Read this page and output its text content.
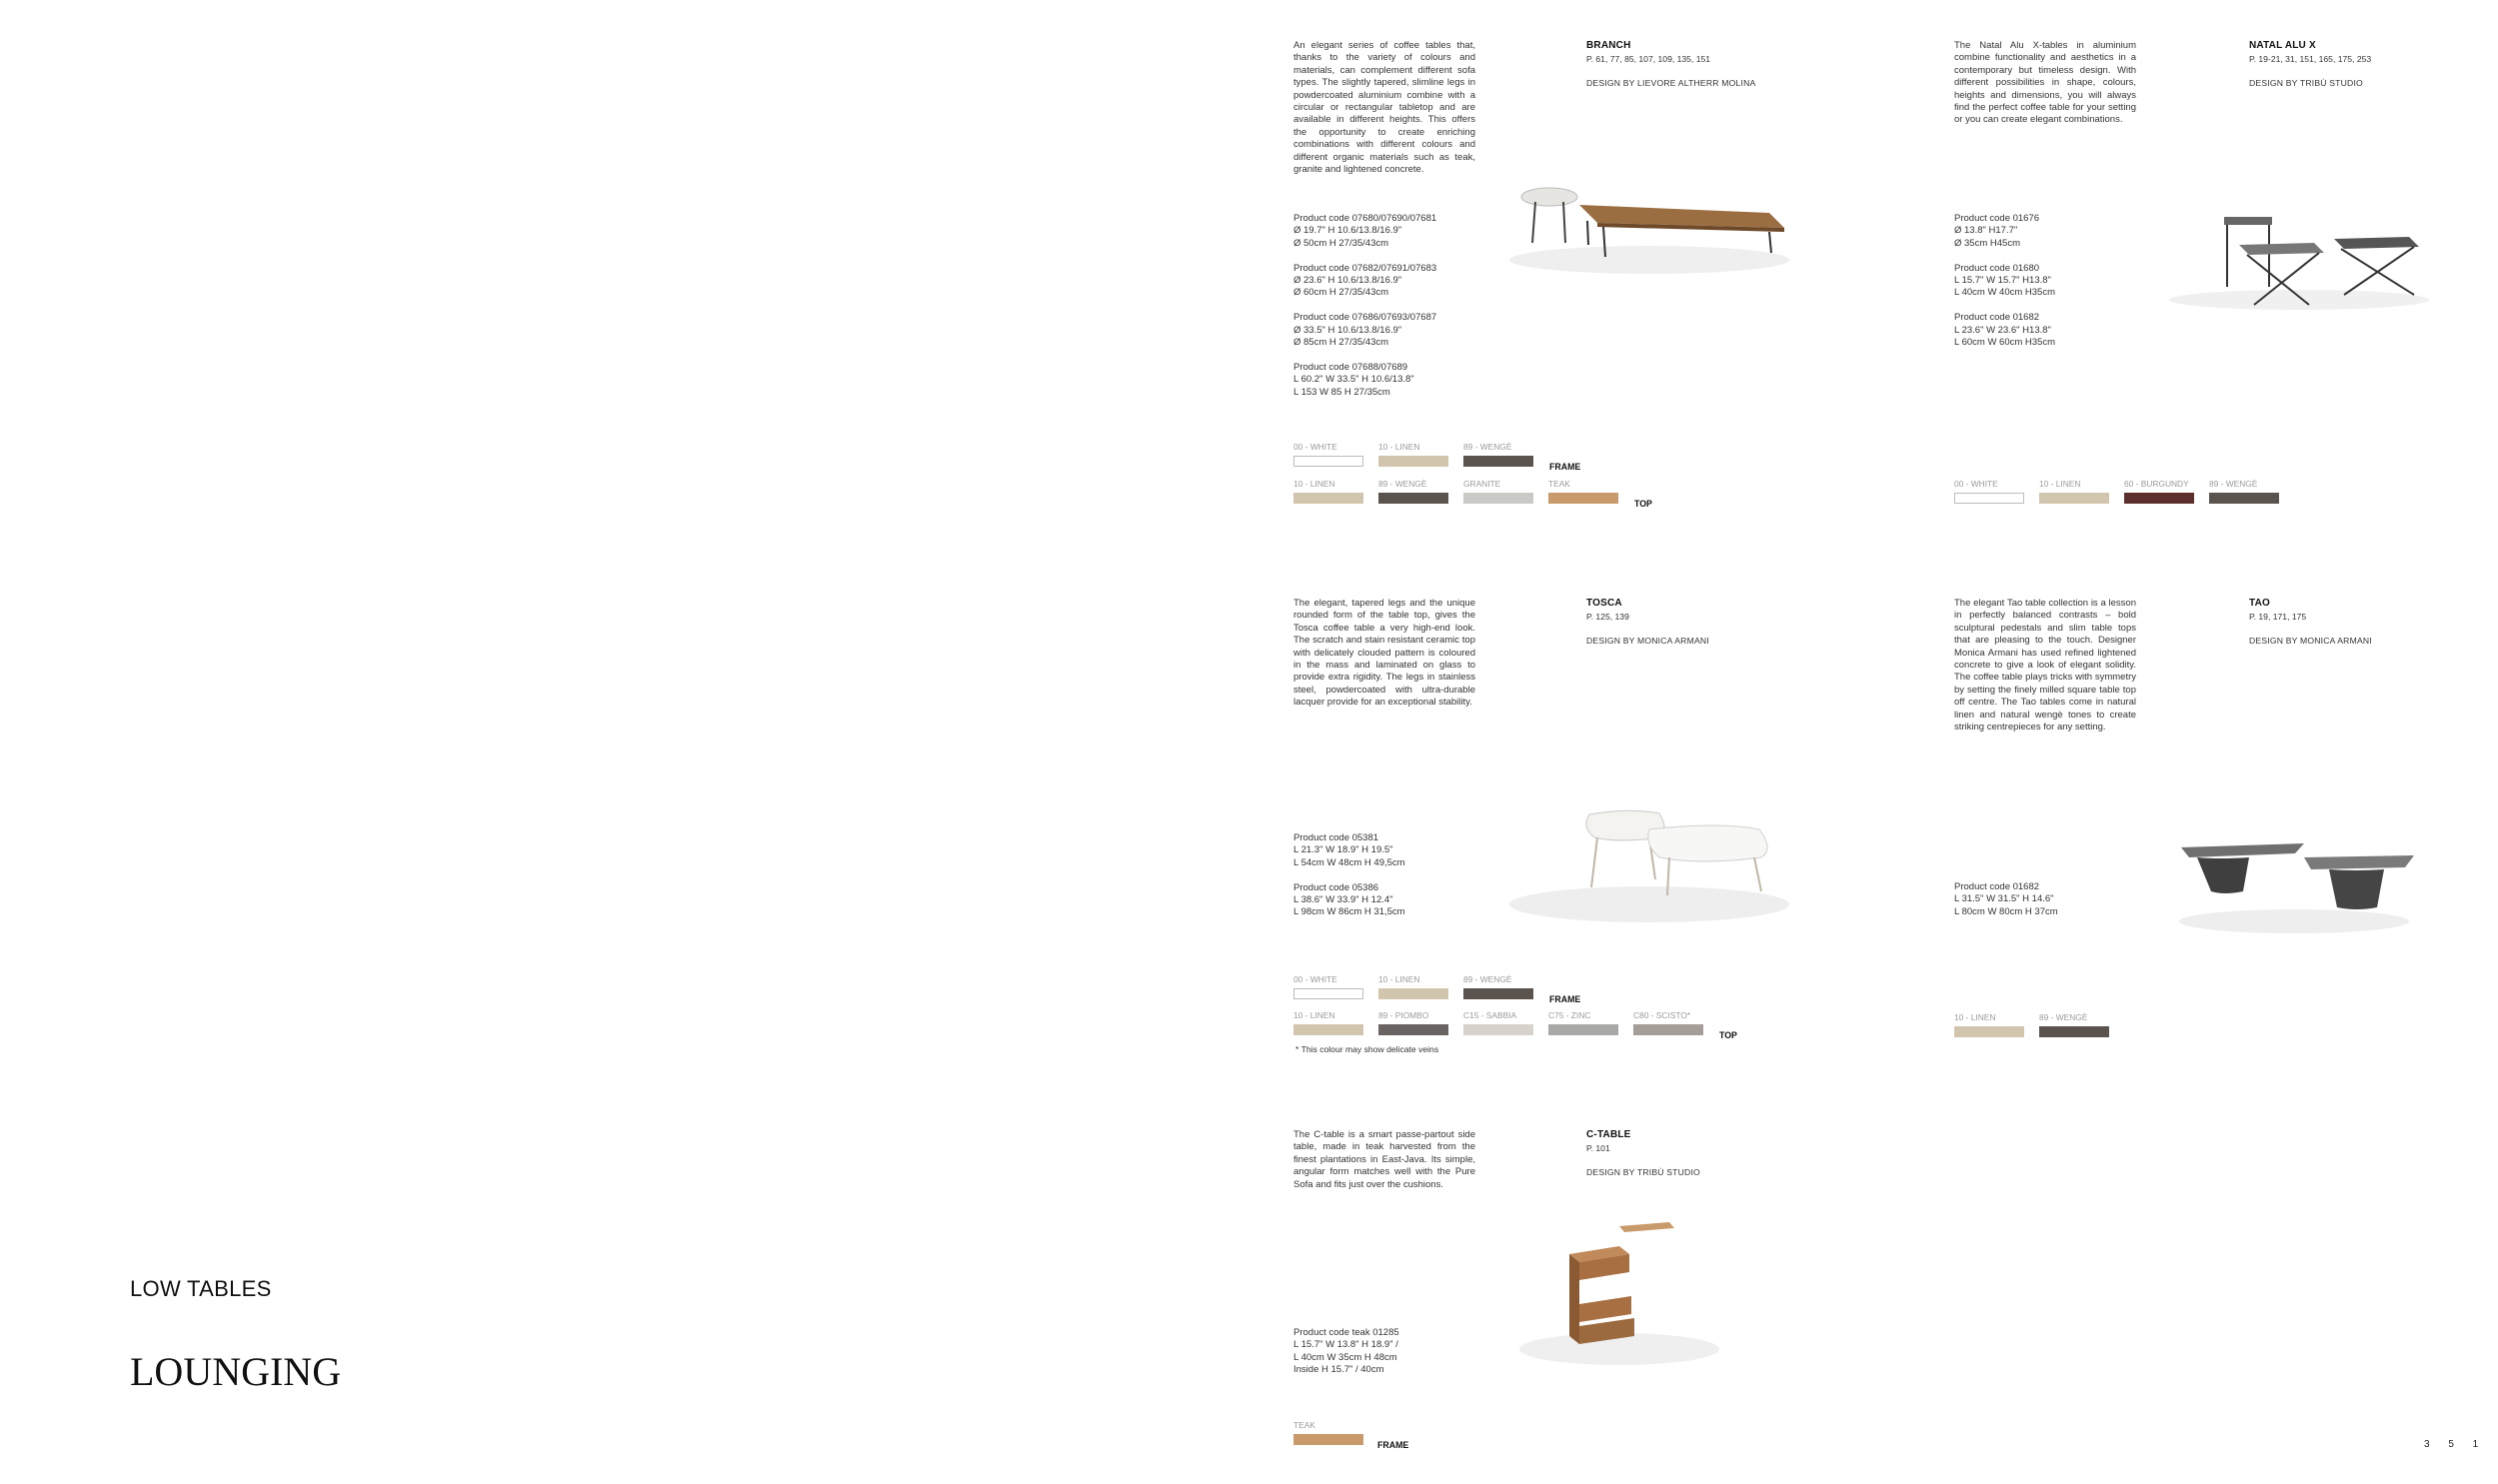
LOW TABLES
LOUNGING
An elegant series of coffee tables that, thanks to the variety of colours and materials, can complement different sofa types. The slightly tapered, slimline legs in powdercoated aluminium combine with a circular or rectangular tabletop and are available in different heights. This offers the opportunity to create enriching combinations with different colours and different organic materials such as teak, granite and lightened concrete.
BRANCH
P. 61, 77, 85, 107, 109, 135, 151
DESIGN BY LIEVORE ALTHERR MOLINA
Product code 07680/07690/07681
Ø 19.7" H 10.6/13.8/16.9"
Ø 50cm H 27/35/43cm
Product code 07682/07691/07683
Ø 23.6" H 10.6/13.8/16.9"
Ø 60cm H 27/35/43cm
Product code 07686/07693/07687
Ø 33.5" H 10.6/13.8/16.9"
Ø 85cm H 27/35/43cm
Product code 07688/07689
L 60.2" W 33.5" H 10.6/13.8"
L 153 W 85 H 27/35cm
00 - WHITE	10 - LINEN	89 - WENGÈ
FRAME
10 - LINEN	89 - WENGÈ	GRANITE	TEAK
TOP
The Natal Alu X-tables in aluminium combine functionality and aesthetics in a contemporary but timeless design. With different possibilities in shape, colours, heights and dimensions, you will always find the perfect coffee table for your setting or you can create elegant combinations.
NATAL ALU X
P. 19-21, 31, 151, 165, 175, 253
DESIGN BY TRIBÙ STUDIO
Product code 01676
Ø 13.8" H17.7"
Ø 35cm H45cm
Product code 01680
L 15.7" W 15.7" H13.8"
L 40cm W 40cm H35cm
Product code 01682
L 23.6" W 23.6" H13.8"
L 60cm W 60cm H35cm
00 - WHITE	10 - LINEN	60 - BURGUNDY 89 - WENGÈ
The elegant, tapered legs and the unique rounded form of the table top, gives the Tosca coffee table a very high-end look. The scratch and stain resistant ceramic top with delicately clouded pattern is coloured in the mass and laminated on glass to provide extra rigidity. The legs in stainless steel, powdercoated with ultra-durable lacquer provide for an exceptional stability.
TOSCA
P. 125, 139
DESIGN BY MONICA ARMANI
Product code 05381
L 21.3" W 18.9" H 19.5"
L 54cm W 48cm H 49,5cm
Product code 05386
L 38.6" W 33.9" H 12.4"
L 98cm W 86cm H 31,5cm
00 - WHITE	10 - LINEN	89 - WENGÈ
FRAME
10 - LINEN	89 - PIOMBO	C15 - SABBIA	C75 - ZINC	C80 - SCISTO*
TOP
* This colour may show delicate veins
The elegant Tao table collection is a lesson in perfectly balanced contrasts – bold sculptural pedestals and slim table tops that are pleasing to the touch. Designer Monica Armani has used refined lightened concrete to give a look of elegant solidity. The coffee table plays tricks with symmetry by setting the finely milled square table top off centre. The Tao tables come in natural linen and natural wengè tones to create striking centrepieces for any setting.
TAO
P. 19, 171, 175
DESIGN BY MONICA ARMANI
Product code 01682
L 31.5" W 31.5" H 14.6"
L 80cm W 80cm H 37cm
10 - LINEN	89 - WENGÈ
The C-table is a smart passe-partout side table, made in teak harvested from the finest plantations in East-Java. Its simple, angular form matches well with the Pure Sofa and fits just over the cushions.
C-TABLE
P. 101
DESIGN BY TRIBÙ STUDIO
Product code teak 01285
L 15.7" W 13.8" H 18.9" /
L 40cm W 35cm H 48cm
Inside H 15.7" / 40cm
TEAK
FRAME	3 5 1
